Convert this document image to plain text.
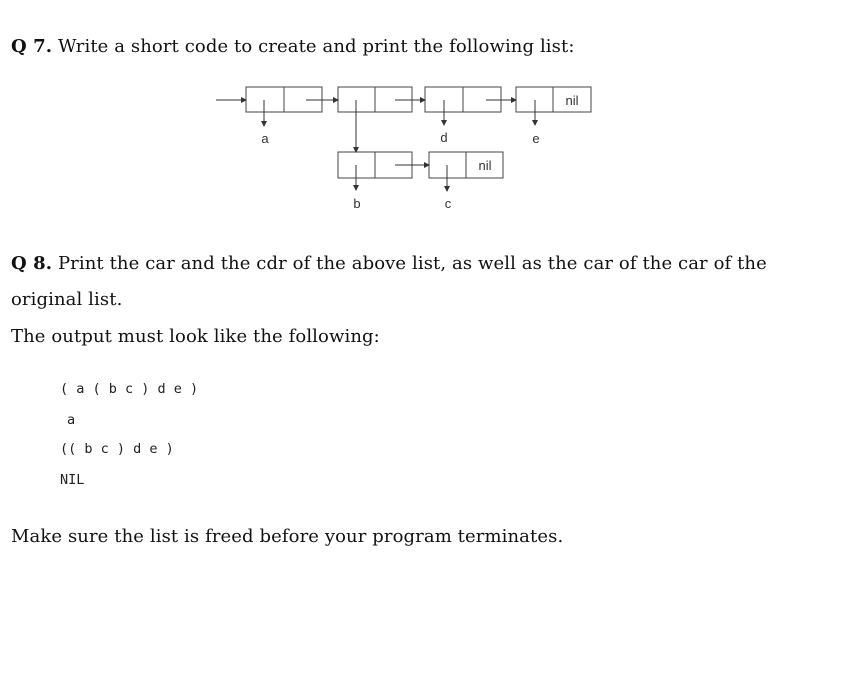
Q 7. Write a short code to create and print the following list:

a	d	e
b	c
nil
nil

Q 8. Print the car and the cdr of the above list, as well as the car of the car of the original list.

The output must look like the following:

( a ( b c ) d e )
a
(( b c ) d e )
NIL

Make sure the list is freed before your program terminates.
